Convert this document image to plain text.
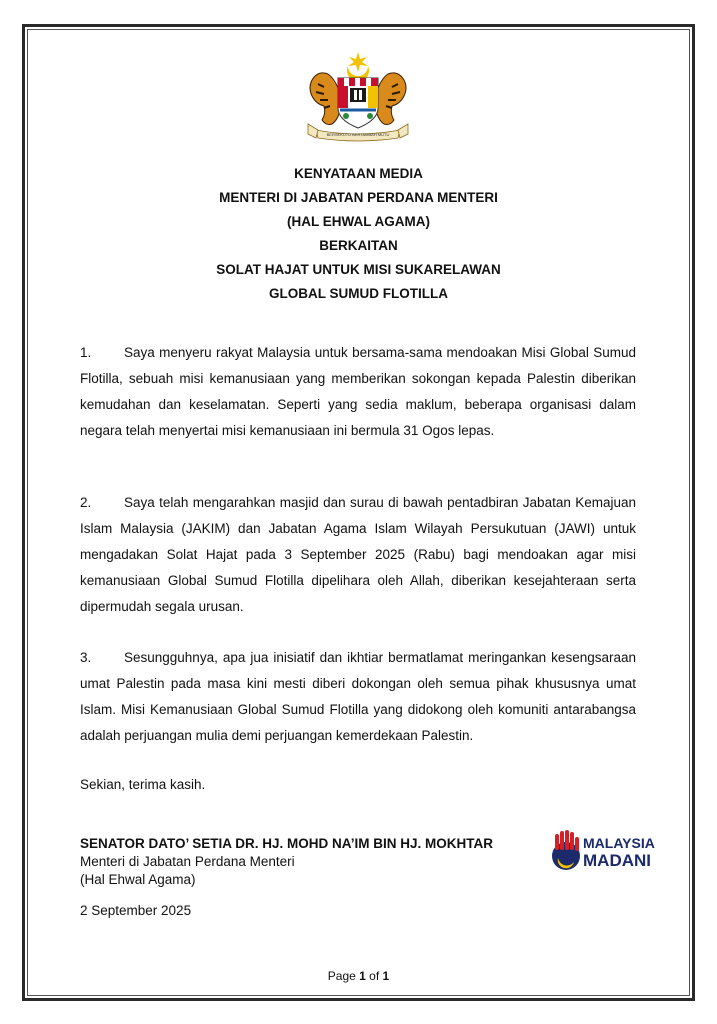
BERSEKUTU BERTAMBAH MUTU
KENYATAAN MEDIA
MENTERI DI JABATAN PERDANA MENTERI
(HAL EHWAL AGAMA)
BERKAITAN
SOLAT HAJAT UNTUK MISI SUKARELAWAN
GLOBAL SUMUD FLOTILLA

1. Saya menyeru rakyat Malaysia untuk bersama-sama mendoakan Misi Global Sumud Flotilla, sebuah misi kemanusiaan yang memberikan sokongan kepada Palestin diberikan kemudahan dan keselamatan. Seperti yang sedia maklum, beberapa organisasi dalam negara telah menyertai misi kemanusiaan ini bermula 31 Ogos lepas.

2. Saya telah mengarahkan masjid dan surau di bawah pentadbiran Jabatan Kemajuan Islam Malaysia (JAKIM) dan Jabatan Agama Islam Wilayah Persukutuan (JAWI) untuk mengadakan Solat Hajat pada 3 September 2025 (Rabu) bagi mendoakan agar misi kemanusiaan Global Sumud Flotilla dipelihara oleh Allah, diberikan kesejahteraan serta dipermudah segala urusan.

3. Sesungguhnya, apa jua inisiatif dan ikhtiar bermatlamat meringankan kesengsaraan umat Palestin pada masa kini mesti diberi dokongan oleh semua pihak khususnya umat Islam. Misi Kemanusiaan Global Sumud Flotilla yang didokong oleh komuniti antarabangsa adalah perjuangan mulia demi perjuangan kemerdekaan Palestin.

Sekian, terima kasih.
SENATOR DATO’ SETIA DR. HJ. MOHD NA’IM BIN HJ. MOKHTAR
Menteri di Jabatan Perdana Menteri
(Hal Ehwal Agama)
2 September 2025
MALAYSIA
MADANI
Page 1 of 1
